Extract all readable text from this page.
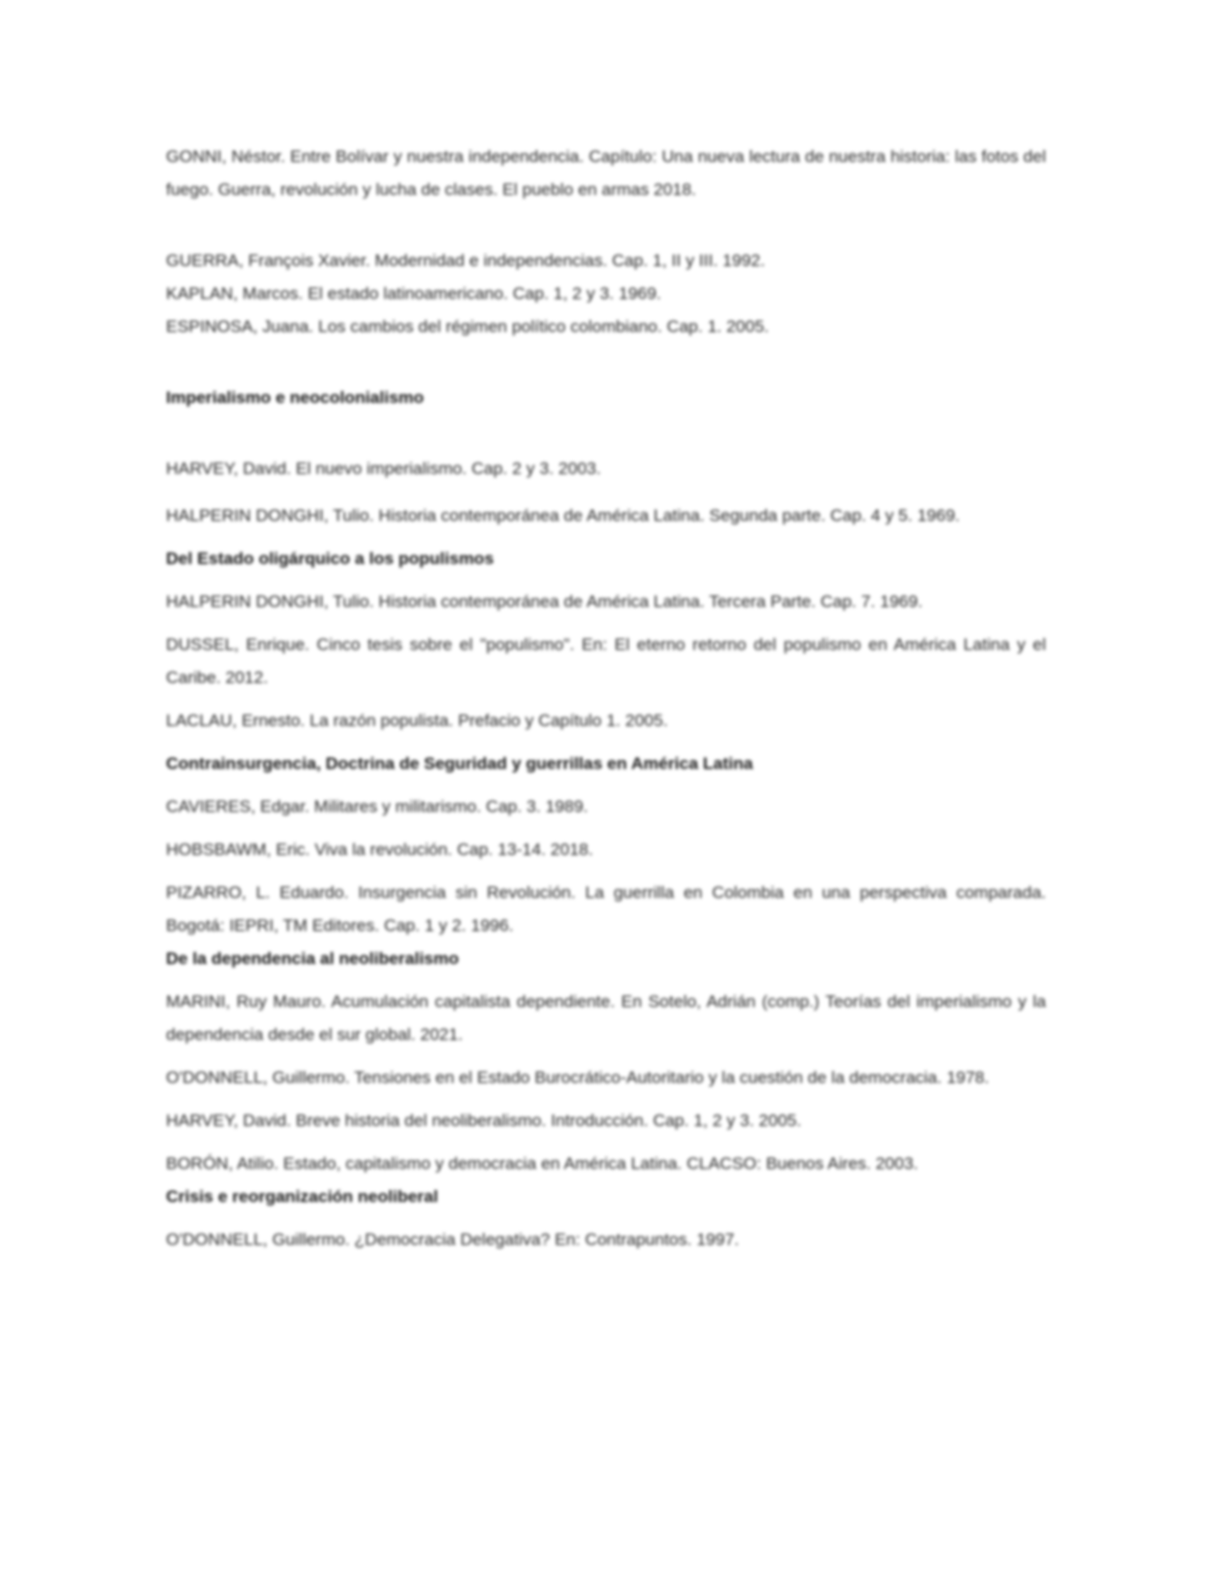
GONNI, Néstor. Entre Bolívar y nuestra independencia. Capítulo: Una nueva lectura de nuestra historia: las fotos del fuego. Guerra, revolución y lucha de clases. El pueblo en armas 2018.

GUERRA, François Xavier. Modernidad e independencias. Cap. 1, II y III. 1992.

KAPLAN, Marcos. El estado latinoamericano. Cap. 1, 2 y 3. 1969.

ESPINOSA, Juana. Los cambios del régimen político colombiano. Cap. 1. 2005.

Imperialismo e neocolonialismo

HARVEY, David. El nuevo imperialismo. Cap. 2 y 3. 2003.

HALPERIN DONGHI, Tulio. Historia contemporánea de América Latina. Segunda parte. Cap. 4 y 5. 1969.

Del Estado oligárquico a los populismos

HALPERIN DONGHI, Tulio. Historia contemporánea de América Latina. Tercera Parte. Cap. 7. 1969.

DUSSEL, Enrique. Cinco tesis sobre el "populismo". En: El eterno retorno del populismo en América Latina y el Caribe. 2012.

LACLAU, Ernesto. La razón populista. Prefacio y Capítulo 1. 2005.

Contrainsurgencia, Doctrina de Seguridad y guerrillas en América Latina

CAVIERES, Edgar. Militares y militarismo. Cap. 3. 1989.

HOBSBAWM, Eric. Viva la revolución. Cap. 13-14. 2018.

PIZARRO, L. Eduardo. Insurgencia sin Revolución. La guerrilla en Colombia en una perspectiva comparada. Bogotá: IEPRI, TM Editores. Cap. 1 y 2. 1996.

De la dependencia al neoliberalismo

MARINI, Ruy Mauro. Acumulación capitalista dependiente. En Sotelo, Adrián (comp.) Teorías del imperialismo y la dependencia desde el sur global. 2021.

O'DONNELL, Guillermo. Tensiones en el Estado Burocrático-Autoritario y la cuestión de la democracia. 1978.

HARVEY, David. Breve historia del neoliberalismo. Introducción. Cap. 1, 2 y 3. 2005.

BORÓN, Atilio. Estado, capitalismo y democracia en América Latina. CLACSO: Buenos Aires. 2003.

Crisis e reorganización neoliberal

O'DONNELL, Guillermo. ¿Democracia Delegativa? En: Contrapuntos. 1997.
